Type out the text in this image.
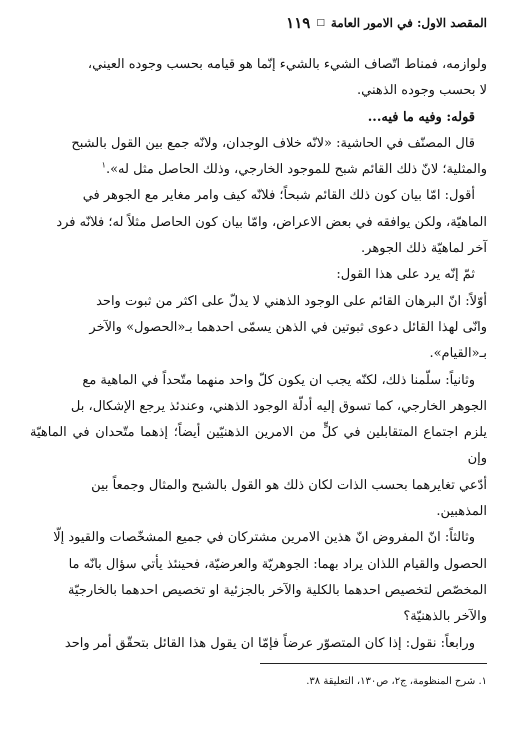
المقصد الاول: في الامور العامة
□
١١٩

ولوازمه، فمناط اتّصاف الشيء بالشيء إنّما هو قيامه بحسب وجوده العيني،

لا بحسب وجوده الذهني.

قوله: وفيه ما فيه...

قال المصنّف في الحاشية: «لانّه خلاف الوجدان، ولانّه جمع بين القول بالشبح

والمثلية؛ لانّ ذلك القائم شبح للموجود الخارجي، وذلك الحاصل مثل له».$^١$

أقول: امّا بيان كون ذلك القائم شبحاً؛ فلانّه كيف وامر مغاير مع الجوهر في

الماهيّة، ولكن يوافقه في بعض الاعراض، وامّا بيان كون الحاصل مثلاً له؛ فلانّه فرد

آخر لماهيّة ذلك الجوهر.

ثمّ إنّه يرد على هذا القول:

أوّلاً: انّ البرهان القائم على الوجود الذهني لا يدلّ على اكثر من ثبوت واحد

وانّى لهذا القائل دعوى ثبوتين في الذهن يسمّى احدهما بـ«الحصول» والآخر

بـ«القيام».

وثانياً: سلّمنا ذلك، لكنّه يجب ان يكون كلّ واحد منهما متّحداً في الماهية مع

الجوهر الخارجي، كما تسوق إليه أدلّة الوجود الذهني، وعندئذ يرجع الإشكال، بل

يلزم اجتماع المتقابلين في كلٍّ من الامرين الذهنيّين أيضاً؛ إذهما متّحدان في الماهيّة وإن

أدّعي تغايرهما بحسب الذات لكان ذلك هو القول بالشبح والمثال وجمعاً بين

المذهبين.

وثالثاً: انّ المفروض انّ هذين الامرين مشتركان في جميع المشخّصات والقيود إلّا

الحصول والقيام اللذان يراد بهما: الجوهريّة والعرضيّة، فحينئذ يأتي سؤال بانّه ما

المخصّص لتخصيص احدهما بالكلية والآخر بالجزئية او تخصيص احدهما بالخارجيّة

والآخر بالذهنيّة؟

ورابعاً: نقول: إذا كان المتصوّر عرضاً فإمّا ان يقول هذا القائل بتحقّق أمر واحد

١. شرح المنظومة، ج٢، ص١٣٠، التعليقة ٣٨.
